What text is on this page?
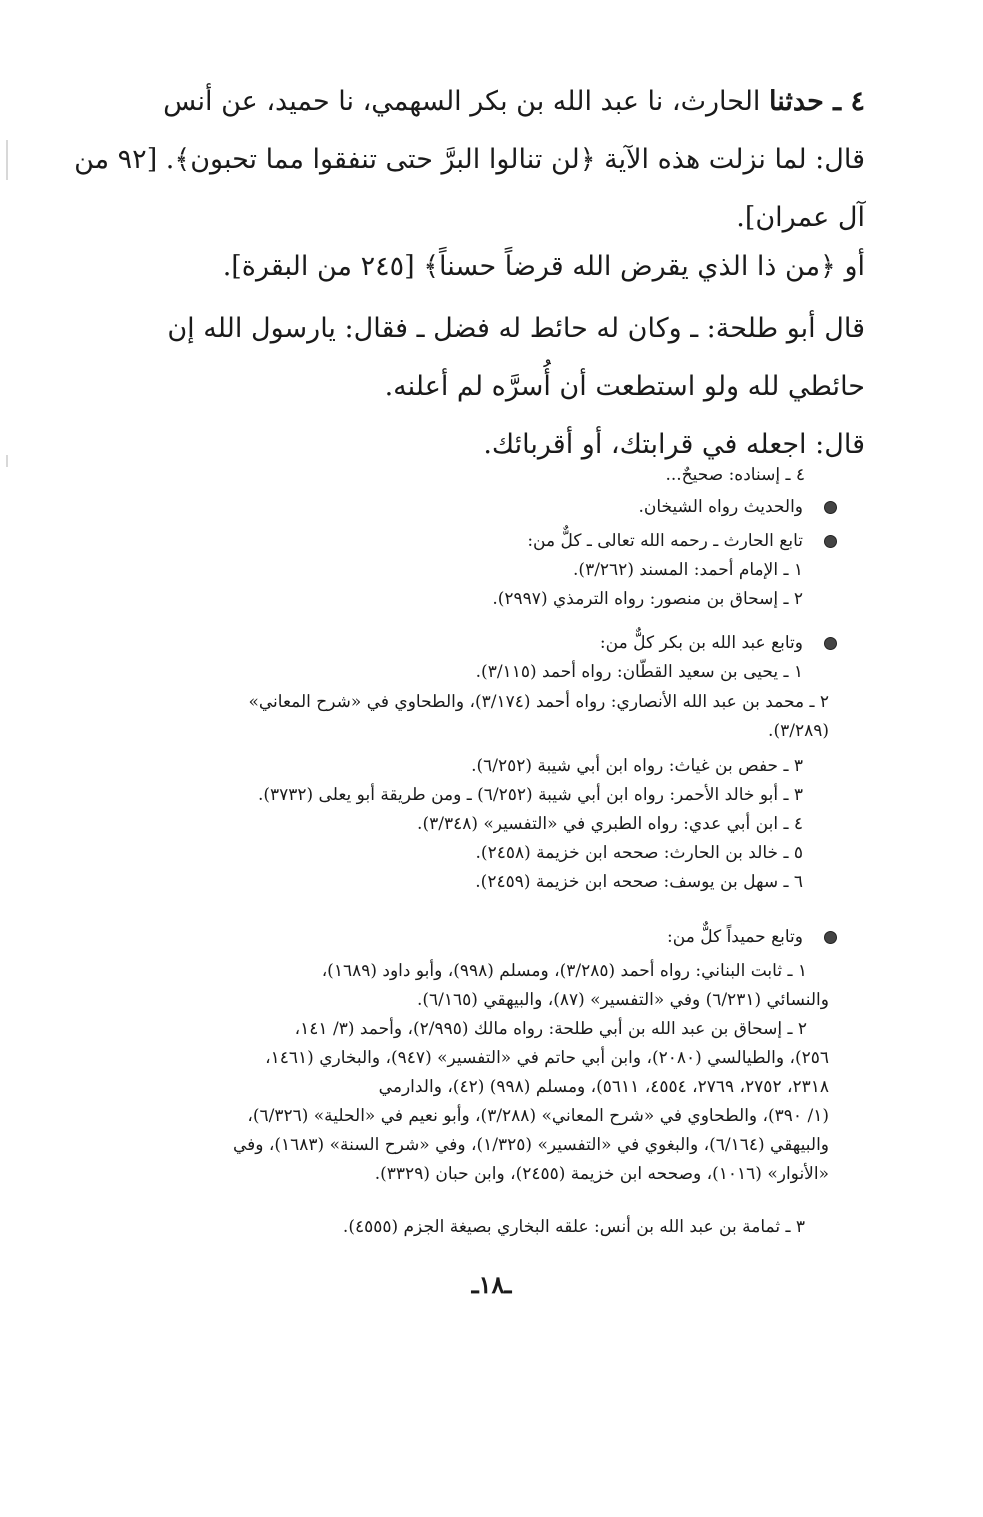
٤ ـ حدثنا الحارث، نا عبد الله بن بكر السهمي، نا حميد، عن أنس
قال: لما نزلت هذه الآية ﴿لن تنالوا البرَّ حتى تنفقوا مما تحبون﴾. [٩٢ من
آل عمران].
أو ﴿من ذا الذي يقرض الله قرضاً حسناً﴾ [٢٤٥ من البقرة].
قال أبو طلحة: ـ وكان له حائط له فضل ـ فقال: يارسول الله إن
حائطي لله ولو استطعت أن أُسرَّه لم أعلنه.
قال: اجعله في قرابتك، أو أقربائك.
٤ ـ إسناده: صحيحٌ...
والحديث رواه الشيخان.
تابع الحارث ـ رحمه الله تعالى ـ كلٌّ من:
١ ـ الإمام أحمد: المسند (٣/٢٦٢).
٢ ـ إسحاق بن منصور: رواه الترمذي (٢٩٩٧).
وتابع عبد الله بن بكر كلٌّ من:
١ ـ يحيى بن سعيد القطّان: رواه أحمد (٣/١١٥).
٢ ـ محمد بن عبد الله الأنصاري: رواه أحمد (٣/١٧٤)، والطحاوي في «شرح المعاني»
(٣/٢٨٩).
٣ ـ حفص بن غياث: رواه ابن أبي شيبة (٦/٢٥٢).
٣ ـ أبو خالد الأحمر: رواه ابن أبي شيبة (٦/٢٥٢) ـ ومن طريقة أبو يعلى (٣٧٣٢).
٤ ـ ابن أبي عدي: رواه الطبري في «التفسير» (٣/٣٤٨).
٥ ـ خالد بن الحارث: صححه ابن خزيمة (٢٤٥٨).
٦ ـ سهل بن يوسف: صححه ابن خزيمة (٢٤٥٩).
وتابع حميداً كلٌّ من:
١ ـ ثابت البناني: رواه أحمد (٣/٢٨٥)، ومسلم (٩٩٨)، وأبو داود (١٦٨٩)،
والنسائي (٦/٢٣١) وفي «التفسير» (٨٧)، والبيهقي (٦/١٦٥).
٢ ـ إسحاق بن عبد الله بن أبي طلحة: رواه مالك (٢/٩٩٥)، وأحمد (٣/ ١٤١،
٢٥٦)، والطيالسي (٢٠٨٠)، وابن أبي حاتم في «التفسير» (٩٤٧)، والبخاري (١٤٦١،
٢٣١٨، ٢٧٥٢، ٢٧٦٩، ٤٥٥٤، ٥٦١١)، ومسلم (٩٩٨) (٤٢)، والدارمي
(١/ ٣٩٠)، والطحاوي في «شرح المعاني» (٣/٢٨٨)، وأبو نعيم في «الحلية» (٦/٣٢٦)،
والبيهقي (٦/١٦٤)، والبغوي في «التفسير» (١/٣٢٥)، وفي «شرح السنة» (١٦٨٣)، وفي
«الأنوار» (١٠١٦)، وصححه ابن خزيمة (٢٤٥٥)، وابن حبان (٣٣٢٩).
٣ ـ ثمامة بن عبد الله بن أنس: علقه البخاري بصيغة الجزم (٤٥٥٥).
ـ١٨ـ
